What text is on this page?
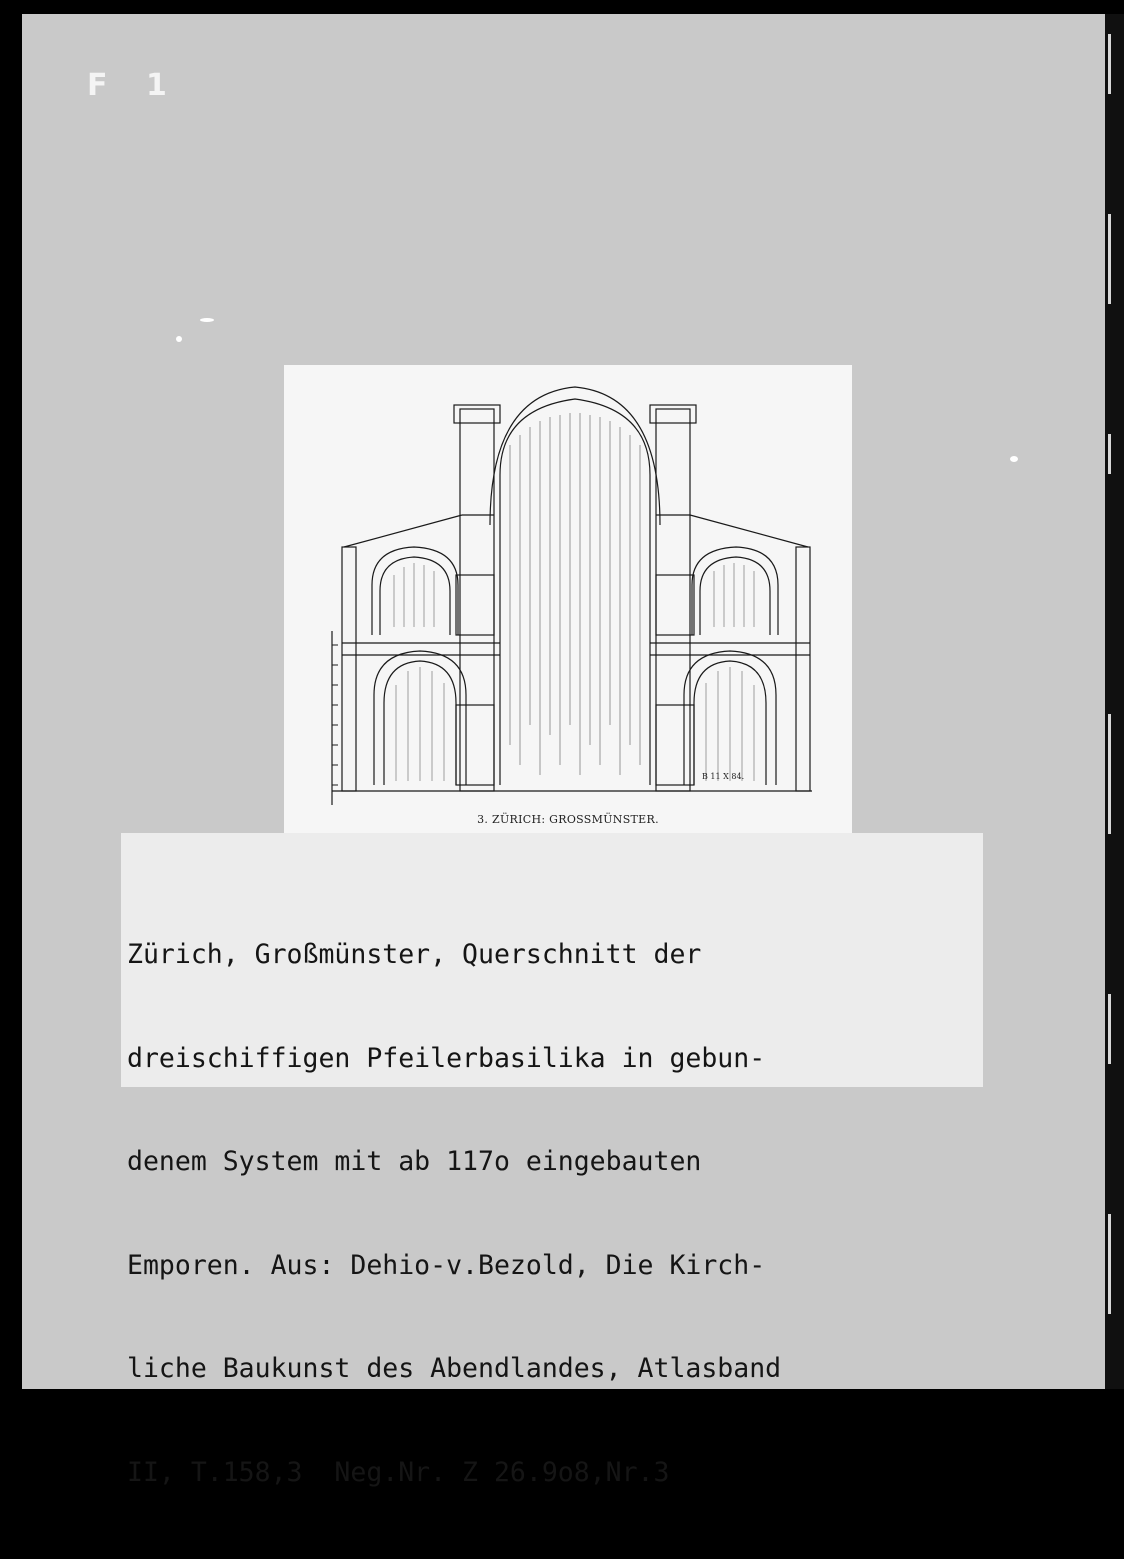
F 1
B 11 X 84.
3. ZÜRICH: GROSSMÜNSTER.

Zürich, Großmünster, Querschnitt der

dreischiffigen Pfeilerbasilika in gebun-

denem System mit ab 117o eingebauten

Emporen. Aus: Dehio-v.Bezold, Die Kirch-

liche Baukunst des Abendlandes, Atlasband

II, T.158,3  Neg.Nr. Z 26.9o8,Nr.3
